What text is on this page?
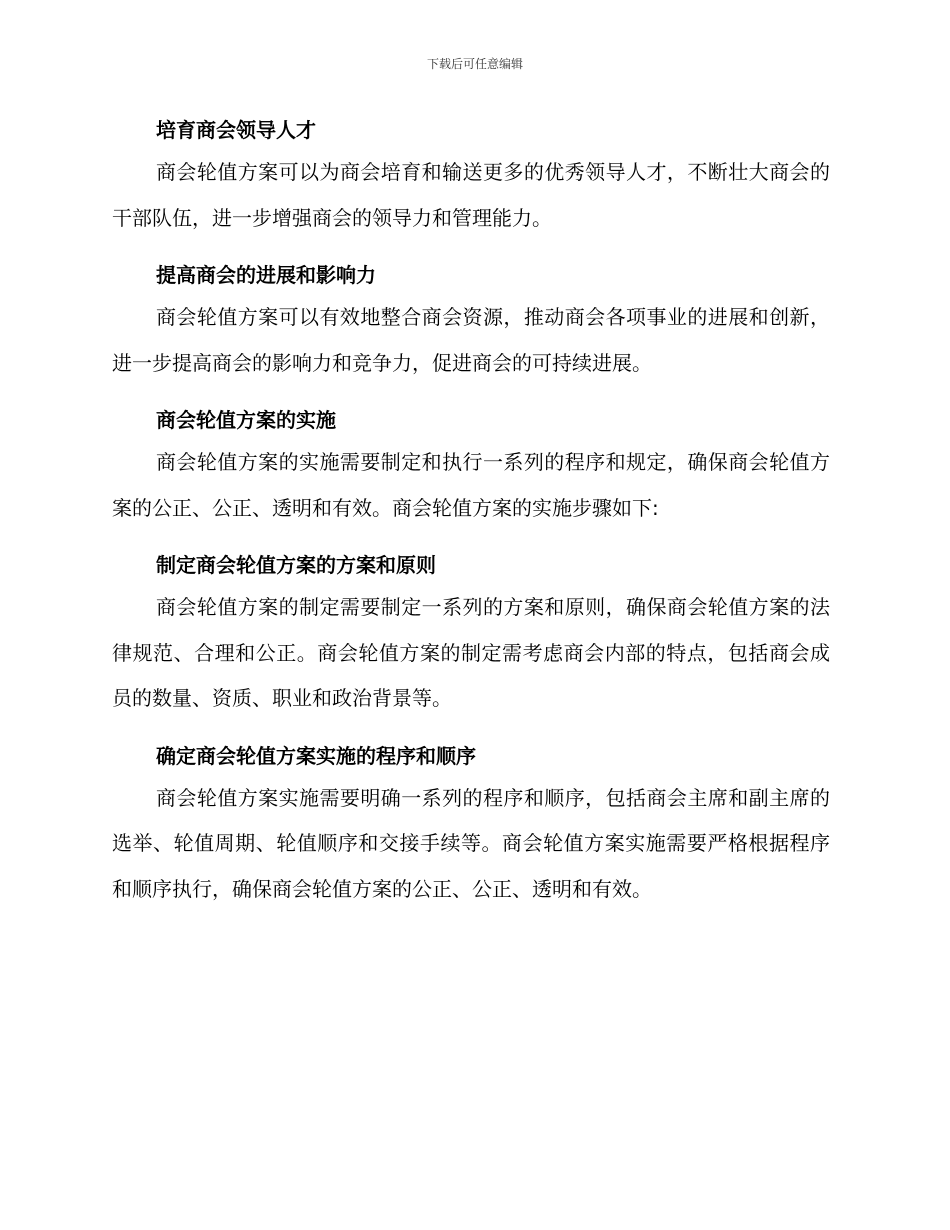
下载后可任意编辑

培育商会领导人才

商会轮值方案可以为商会培育和输送更多的优秀领导人才，不断壮大商会的干部队伍，进一步增强商会的领导力和管理能力。

提高商会的进展和影响力

商会轮值方案可以有效地整合商会资源，推动商会各项事业的进展和创新，进一步提高商会的影响力和竞争力，促进商会的可持续进展。

商会轮值方案的实施

商会轮值方案的实施需要制定和执行一系列的程序和规定，确保商会轮值方案的公正、公正、透明和有效。商会轮值方案的实施步骤如下:

制定商会轮值方案的方案和原则

商会轮值方案的制定需要制定一系列的方案和原则，确保商会轮值方案的法律规范、合理和公正。商会轮值方案的制定需考虑商会内部的特点，包括商会成员的数量、资质、职业和政治背景等。

确定商会轮值方案实施的程序和顺序

商会轮值方案实施需要明确一系列的程序和顺序，包括商会主席和副主席的选举、轮值周期、轮值顺序和交接手续等。商会轮值方案实施需要严格根据程序和顺序执行，确保商会轮值方案的公正、公正、透明和有效。
